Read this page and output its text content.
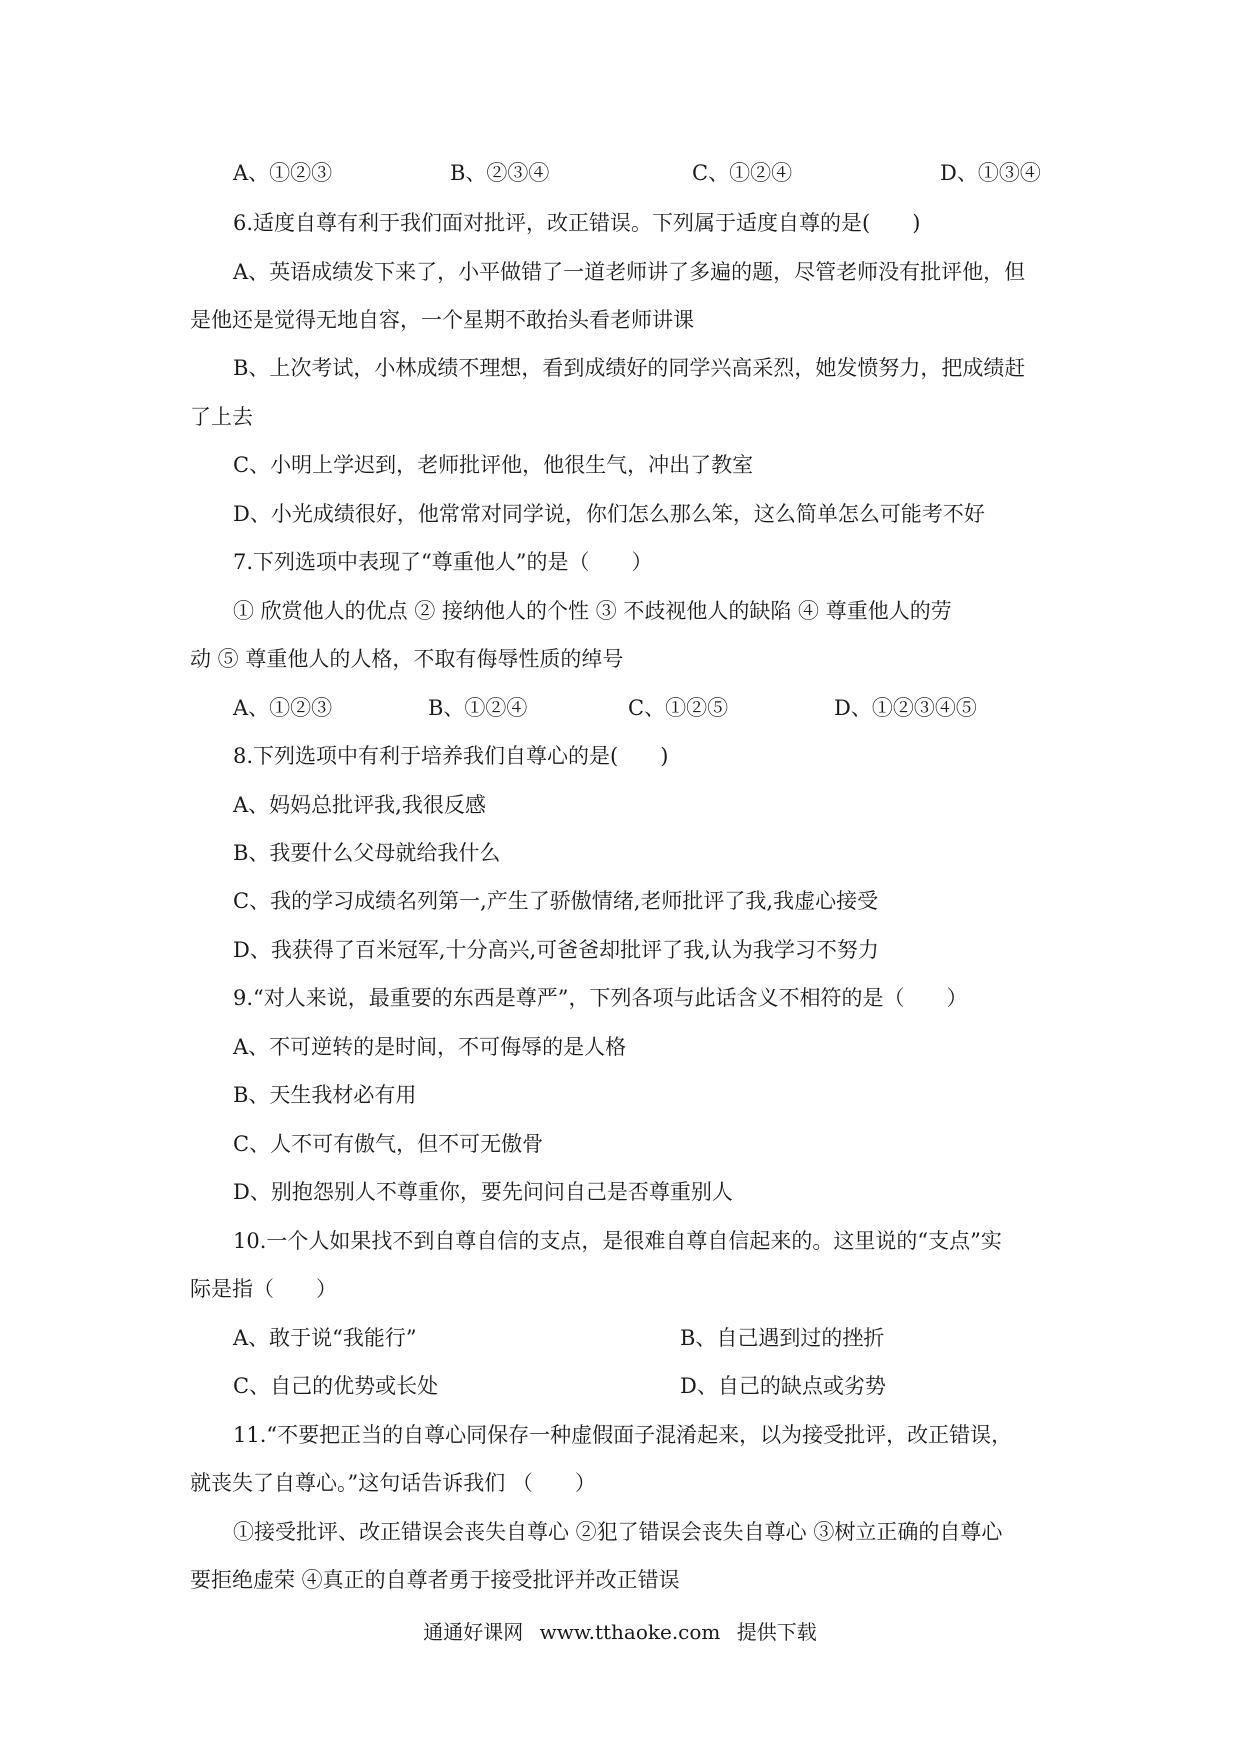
A、①②③	B、②③④	C、①②④	D、①③④
6.适度自尊有利于我们面对批评，改正错误。下列属于适度自尊的是(　　)
A、英语成绩发下来了，小平做错了一道老师讲了多遍的题，尽管老师没有批评他，但
是他还是觉得无地自容，一个星期不敢抬头看老师讲课
B、上次考试，小林成绩不理想，看到成绩好的同学兴高采烈，她发愤努力，把成绩赶
了上去
C、小明上学迟到，老师批评他，他很生气，冲出了教室
D、小光成绩很好，他常常对同学说，你们怎么那么笨，这么简单怎么可能考不好
7.下列选项中表现了“尊重他人”的是（　　）
① 欣赏他人的优点 ② 接纳他人的个性 ③ 不歧视他人的缺陷 ④ 尊重他人的劳
动 ⑤ 尊重他人的人格，不取有侮辱性质的绰号
A、①②③	B、①②④	C、①②⑤	D、①②③④⑤
8.下列选项中有利于培养我们自尊心的是(　　)
A、妈妈总批评我,我很反感
B、我要什么父母就给我什么
C、我的学习成绩名列第一,产生了骄傲情绪,老师批评了我,我虚心接受
D、我获得了百米冠军,十分高兴,可爸爸却批评了我,认为我学习不努力
9.“对人来说，最重要的东西是尊严”，下列各项与此话含义不相符的是（　　）
A、不可逆转的是时间，不可侮辱的是人格
B、天生我材必有用
C、人不可有傲气，但不可无傲骨
D、别抱怨别人不尊重你，要先问问自己是否尊重别人
10.一个人如果找不到自尊自信的支点，是很难自尊自信起来的。这里说的“支点”实
际是指（　　）
A、敢于说“我能行”	B、自己遇到过的挫折
C、自己的优势或长处	D、自己的缺点或劣势
11.“不要把正当的自尊心同保存一种虚假面子混淆起来，以为接受批评，改正错误，
就丧失了自尊心。”这句话告诉我们 （　　）
①接受批评、改正错误会丧失自尊心 ②犯了错误会丧失自尊心 ③树立正确的自尊心
要拒绝虚荣 ④真正的自尊者勇于接受批评并改正错误
通通好课网 www.tthaoke.com 提供下载
